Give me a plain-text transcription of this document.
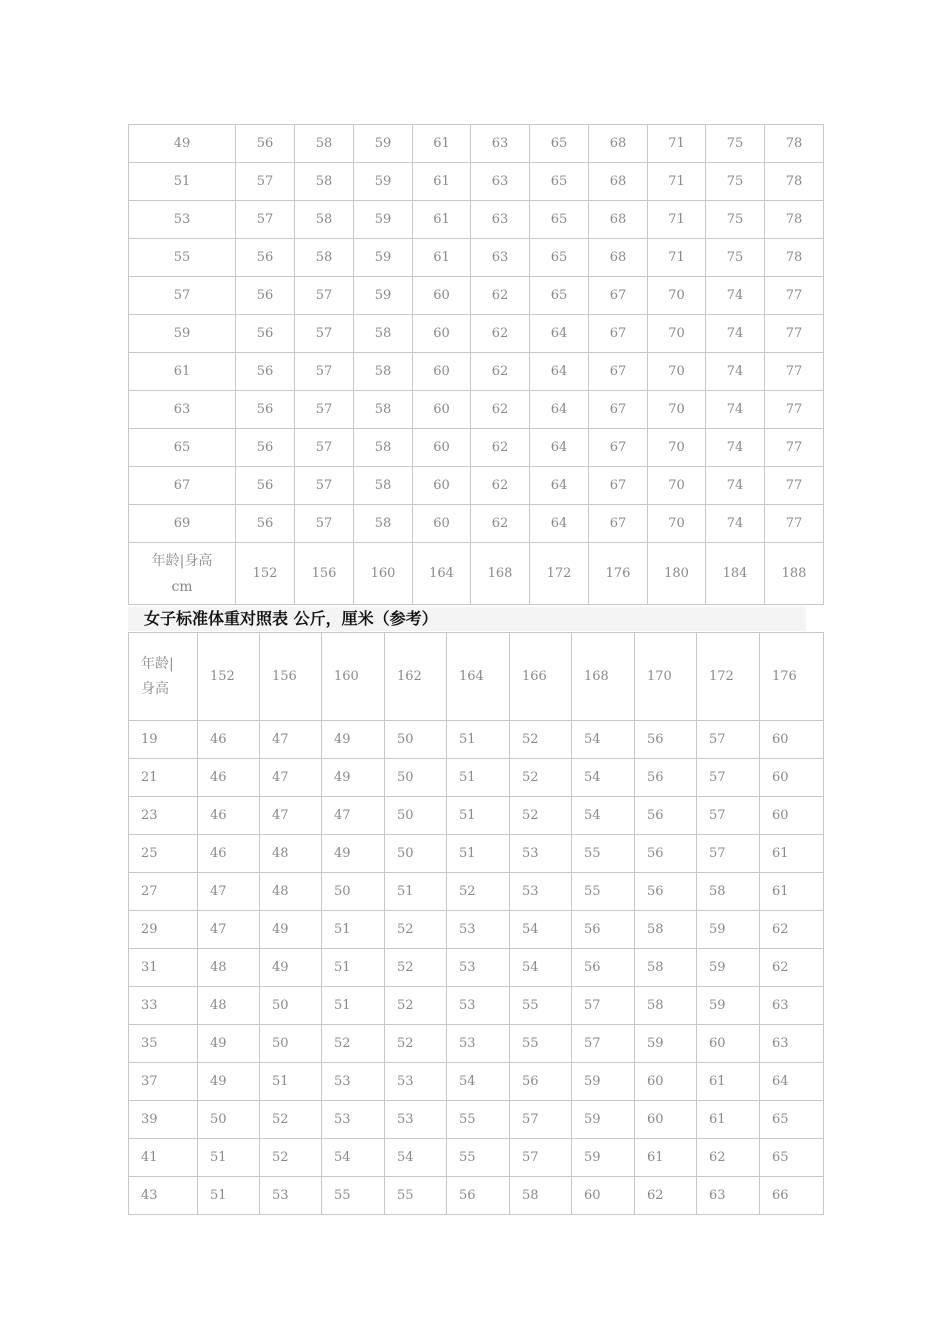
49	56	58	59	61	63	65	68	71	75	78
51	57	58	59	61	63	65	68	71	75	78
53	57	58	59	61	63	65	68	71	75	78
55	56	58	59	61	63	65	68	71	75	78
57	56	57	59	60	62	65	67	70	74	77
59	56	57	58	60	62	64	67	70	74	77
61	56	57	58	60	62	64	67	70	74	77
63	56	57	58	60	62	64	67	70	74	77
65	56	57	58	60	62	64	67	70	74	77
67	56	57	58	60	62	64	67	70	74	77
69	56	57	58	60	62	64	67	70	74	77

年龄|身高
cm	152	156	160	164	168	172	176	180	184	188
女子标准体重对照表 公斤，厘米（参考）
年龄|
身高	152	156	160	162	164	166	168	170	172	176
19	46	47	49	50	51	52	54	56	57	60
21	46	47	49	50	51	52	54	56	57	60
23	46	47	47	50	51	52	54	56	57	60
25	46	48	49	50	51	53	55	56	57	61
27	47	48	50	51	52	53	55	56	58	61
29	47	49	51	52	53	54	56	58	59	62
31	48	49	51	52	53	54	56	58	59	62
33	48	50	51	52	53	55	57	58	59	63
35	49	50	52	52	53	55	57	59	60	63
37	49	51	53	53	54	56	59	60	61	64
39	50	52	53	53	55	57	59	60	61	65
41	51	52	54	54	55	57	59	61	62	65
43	51	53	55	55	56	58	60	62	63	66
